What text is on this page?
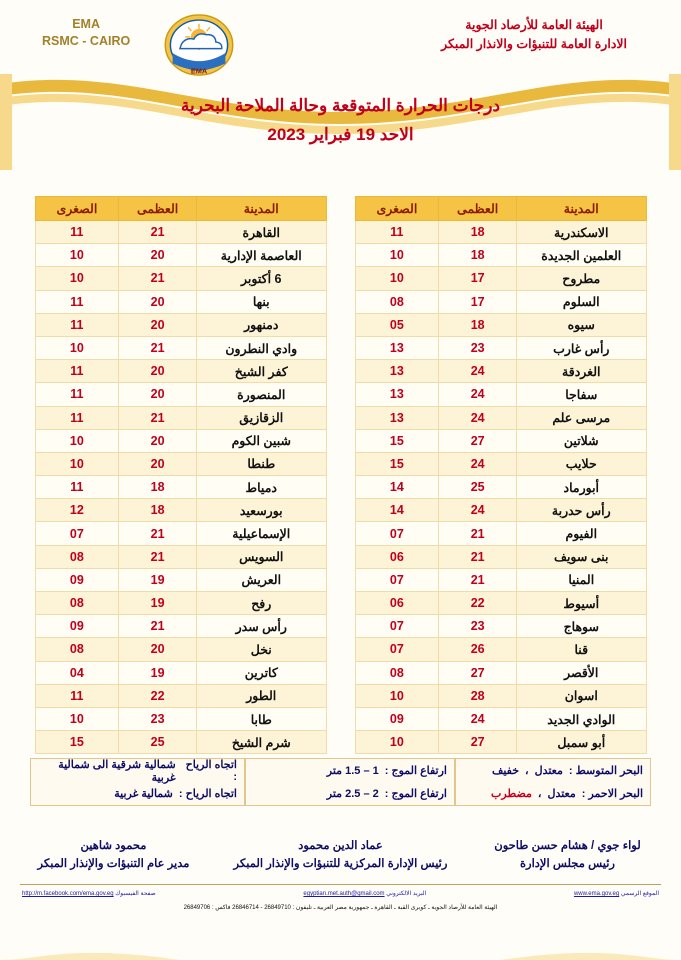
EMA
RSMC - CAIRO
الهيئة العامة للأرصاد الجوية
الادارة العامة للتنبؤات والانذار المبكر
EMA
درجات الحرارة المتوقعة وحالة الملاحة البحرية
الاحد 19 فبراير 2023
المدينة	العظمى	الصغرى
القاهرة	21	11
العاصمة الإدارية	20	10
6 أكتوبر	21	10
بنها	20	11
دمنهور	20	11
وادي النطرون	21	10
كفر الشيخ	20	11
المنصورة	20	11
الزقازيق	21	11
شبين الكوم	20	10
طنطا	20	10
دمياط	18	11
بورسعيد	18	12
الإسماعيلية	21	07
السويس	21	08
العريش	19	09
رفح	19	08
رأس سدر	21	09
نخل	20	08
كاترين	19	04
الطور	22	11
طابا	23	10
شرم الشيخ	25	15
المدينة	العظمى	الصغرى
الاسكندرية	18	11
العلمين الجديدة	18	10
مطروح	17	10
السلوم	17	08
سيوه	18	05
رأس غارب	23	13
الغردقة	24	13
سفاجا	24	13
مرسى علم	24	13
شلاتين	27	15
حلايب	24	15
أبورماد	25	14
رأس حدربة	24	14
الفيوم	21	07
بنى سويف	21	06
المنيا	21	07
أسيوط	22	06
سوهاج	23	07
قنا	26	07
الأقصر	27	08
اسوان	28	10
الوادي الجديد	24	09
أبو سمبل	27	10
البحر المتوسط :
معتدل
،
خفيف
البحر الاحمر :
معتدل
،
مضطرب
ارتفاع الموج :
1 – 1.5 متر
ارتفاع الموج :
2 – 2.5 متر
اتجاه الرياح :
شمالية شرقية الى شمالية غربية
اتجاه الرياح :
شمالية غربية
محمود شاهين
مدير عام التنبؤات والإنذار المبكر
عماد الدين محمود
رئيس الإدارة المركزية للتنبؤات والإنذار المبكر
لواء جوي / هشام حسن طاحون
رئيس مجلس الإدارة
صفحة الفيسبوك http://m.facebook.com/ema.gov.eg	البريد الالكتروني egyptian.met.auth@gmail.com	الموقع الرسمي www.ema.gov.eg
الهيئة العامة للأرصاد الجوية ـ كوبرى القبة ـ القاهرة ـ جمهورية مصر العربية ـ تليفون : 26849710 - 26846714 فاكس : 26849706
